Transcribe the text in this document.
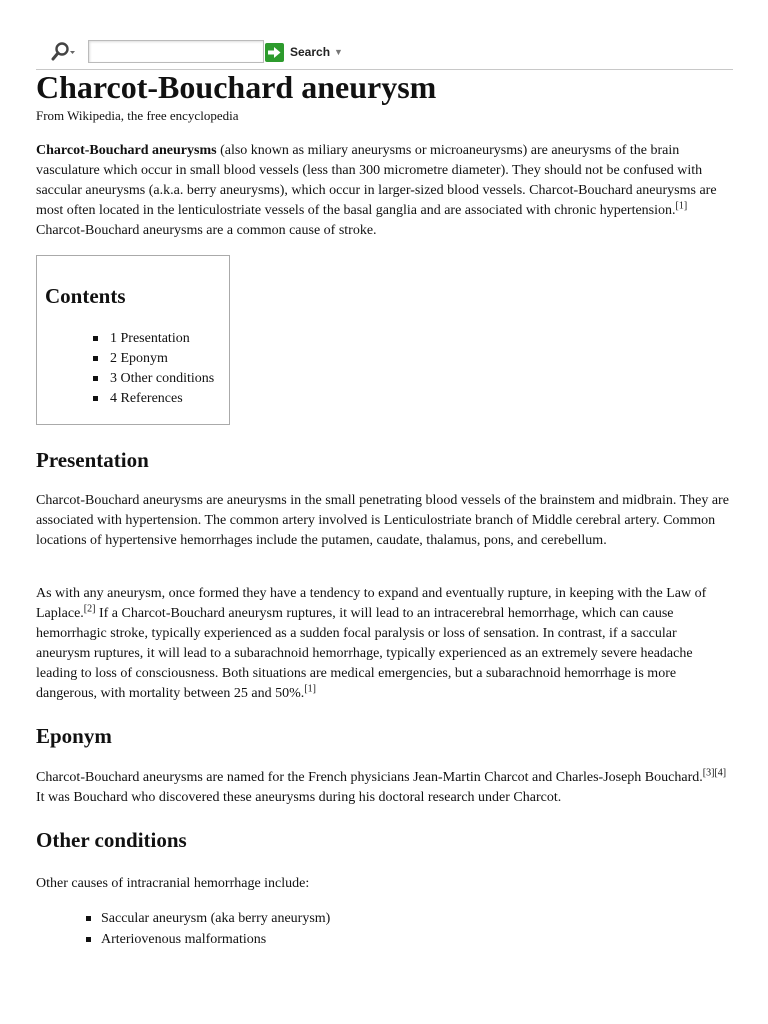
Search ▼
Charcot-Bouchard aneurysm
From Wikipedia, the free encyclopedia

Charcot-Bouchard aneurysms (also known as miliary aneurysms or microaneurysms) are aneurysms of the brain vasculature which occur in small blood vessels (less than 300 micrometre diameter). They should not be confused with saccular aneurysms (a.k.a. berry aneurysms), which occur in larger-sized blood vessels. Charcot-Bouchard aneurysms are most often located in the lenticulostriate vessels of the basal ganglia and are associated with chronic hypertension.[1] Charcot-Bouchard aneurysms are a common cause of stroke.

Contents
1 Presentation
2 Eponym
3 Other conditions
4 References
Presentation

Charcot-Bouchard aneurysms are aneurysms in the small penetrating blood vessels of the brainstem and midbrain. They are associated with hypertension. The common artery involved is Lenticulostriate branch of Middle cerebral artery. Common locations of hypertensive hemorrhages include the putamen, caudate, thalamus, pons, and cerebellum.

As with any aneurysm, once formed they have a tendency to expand and eventually rupture, in keeping with the Law of Laplace.[2] If a Charcot-Bouchard aneurysm ruptures, it will lead to an intracerebral hemorrhage, which can cause hemorrhagic stroke, typically experienced as a sudden focal paralysis or loss of sensation. In contrast, if a saccular aneurysm ruptures, it will lead to a subarachnoid hemorrhage, typically experienced as an extremely severe headache leading to loss of consciousness. Both situations are medical emergencies, but a subarachnoid hemorrhage is more dangerous, with mortality between 25 and 50%.[1]

Eponym

Charcot-Bouchard aneurysms are named for the French physicians Jean-Martin Charcot and Charles-Joseph Bouchard.[3][4] It was Bouchard who discovered these aneurysms during his doctoral research under Charcot.

Other conditions

Other causes of intracranial hemorrhage include:

Saccular aneurysm (aka berry aneurysm)
Arteriovenous malformations
